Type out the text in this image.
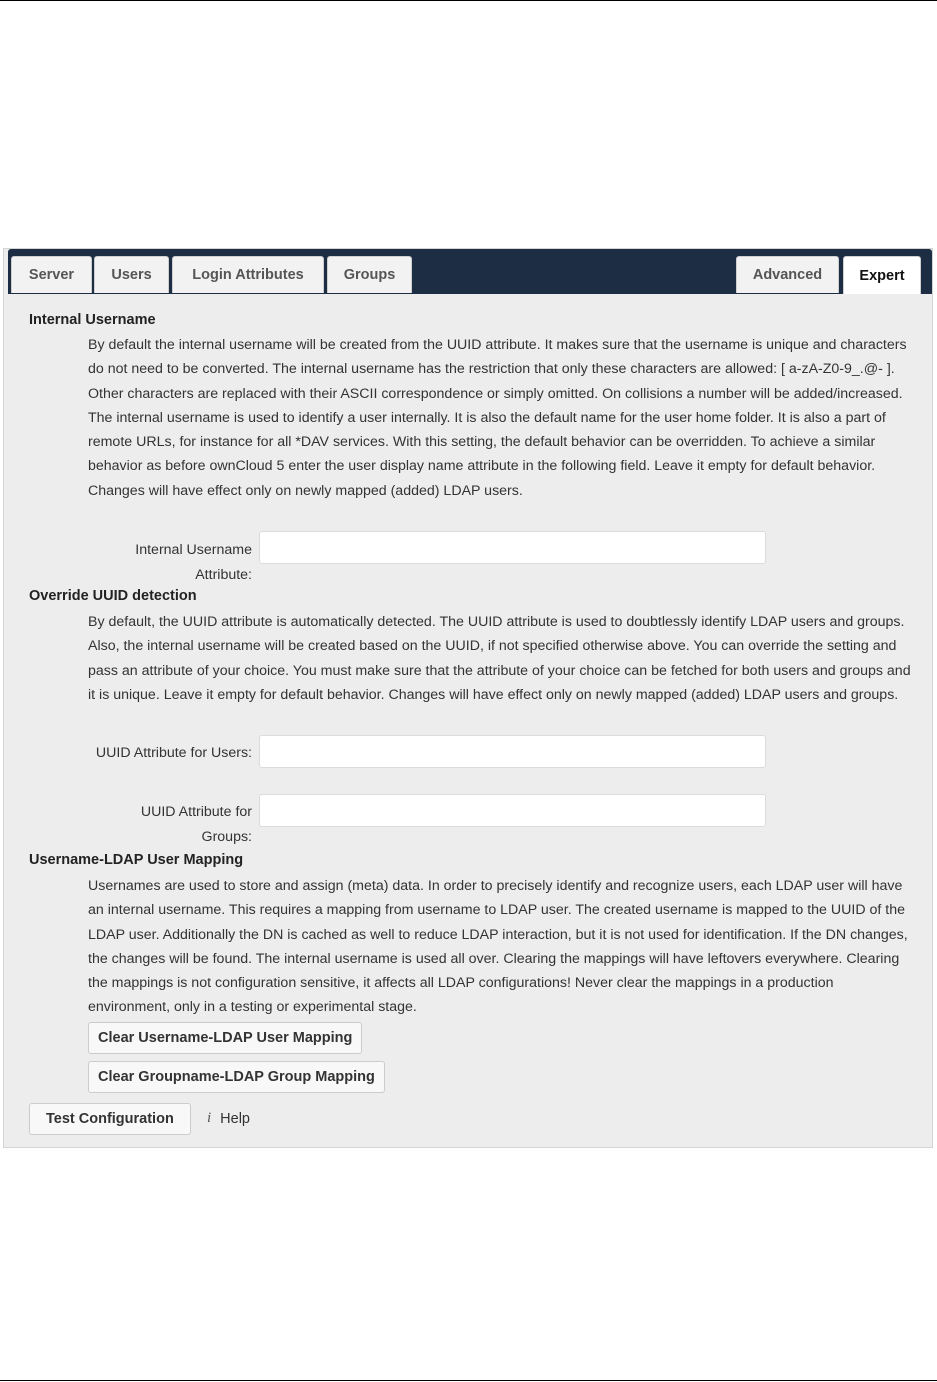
Server	Users	Login Attributes	Groups	Advanced	Expert
Internal Username
By default the internal username will be created from the UUID attribute. It makes sure that the username is unique and characters do not need to be converted. The internal username has the restriction that only these characters are allowed: [ a-zA-Z0-9_.@- ]. Other characters are replaced with their ASCII correspondence or simply omitted. On collisions a number will be added/increased. The internal username is used to identify a user internally. It is also the default name for the user home folder. It is also a part of remote URLs, for instance for all *DAV services. With this setting, the default behavior can be overridden. To achieve a similar behavior as before ownCloud 5 enter the user display name attribute in the following field. Leave it empty for default behavior. Changes will have effect only on newly mapped (added) LDAP users.
Internal Username Attribute:
Override UUID detection
By default, the UUID attribute is automatically detected. The UUID attribute is used to doubtlessly identify LDAP users and groups. Also, the internal username will be created based on the UUID, if not specified otherwise above. You can override the setting and pass an attribute of your choice. You must make sure that the attribute of your choice can be fetched for both users and groups and it is unique. Leave it empty for default behavior. Changes will have effect only on newly mapped (added) LDAP users and groups.
UUID Attribute for Users:
UUID Attribute for Groups:
Username-LDAP User Mapping
Usernames are used to store and assign (meta) data. In order to precisely identify and recognize users, each LDAP user will have an internal username. This requires a mapping from username to LDAP user. The created username is mapped to the UUID of the LDAP user. Additionally the DN is cached as well to reduce LDAP interaction, but it is not used for identification. If the DN changes, the changes will be found. The internal username is used all over. Clearing the mappings will have leftovers everywhere. Clearing the mappings is not configuration sensitive, it affects all LDAP configurations! Never clear the mappings in a production environment, only in a testing or experimental stage.
Clear Username-LDAP User Mapping
Clear Groupname-LDAP Group Mapping
Test Configuration	i Help
